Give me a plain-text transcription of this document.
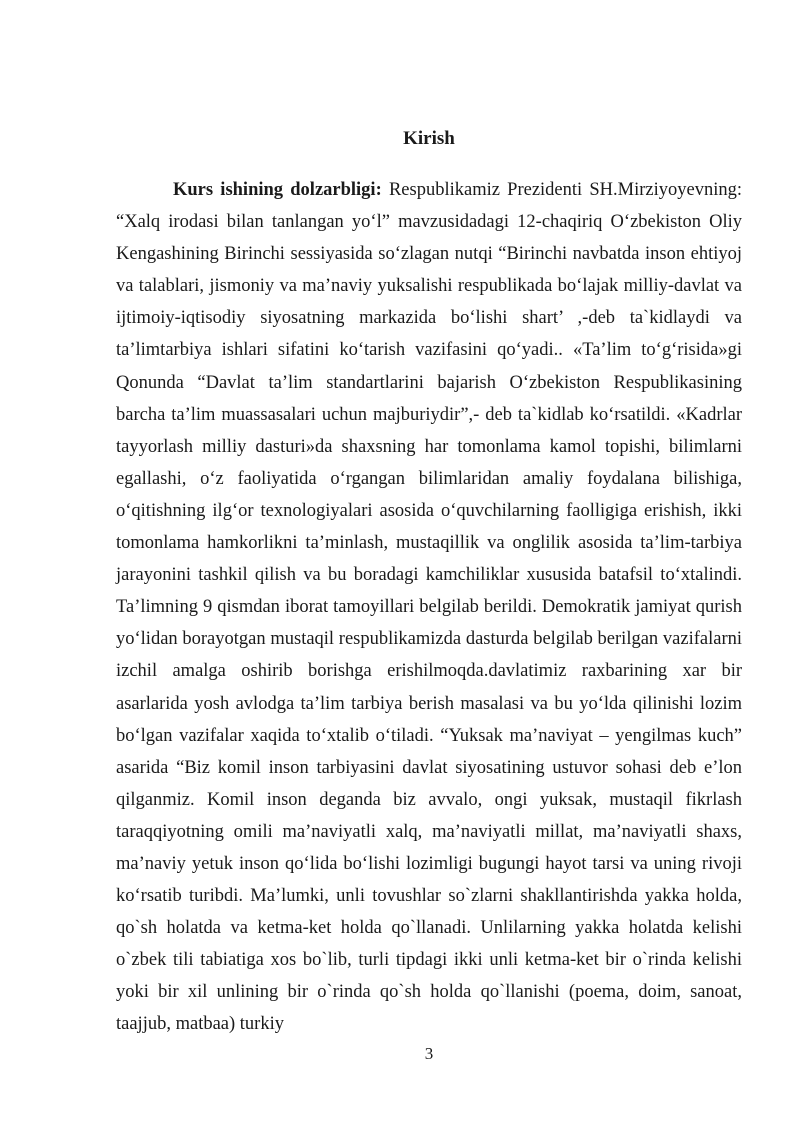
Kirish

Kurs ishining dolzarbligi: Respublikamiz Prezidenti SH.Mirziyoyevning: “Xalq irodasi bilan tanlangan yo‘l” mavzusidadagi 12-chaqiriq O‘zbekiston Oliy Kengashining Birinchi sessiyasida so‘zlagan nutqi “Birinchi navbatda inson ehtiyoj va talablari, jismoniy va ma’naviy yuksalishi respublikada bo‘lajak milliy-davlat va ijtimoiy-iqtisodiy siyosatning markazida bo‘lishi shart’ ,-deb ta`kidlaydi va ta’limtarbiya ishlari sifatini ko‘tarish vazifasini qo‘yadi.. «Ta’lim to‘g‘risida»gi Qonunda “Davlat ta’lim standartlarini bajarish O‘zbekiston Respublikasining barcha ta’lim muassasalari uchun majburiydir”,- deb ta`kidlab ko‘rsatildi. «Kadrlar tayyorlash milliy dasturi»da shaxsning har tomonlama kamol topishi, bilimlarni egallashi, o‘z faoliyatida o‘rgangan bilimlaridan amaliy foydalana bilishiga, o‘qitishning ilg‘or texnologiyalari asosida o‘quvchilarning faolligiga erishish, ikki tomonlama hamkorlikni ta’minlash, mustaqillik va onglilik asosida ta’lim-tarbiya jarayonini tashkil qilish va bu boradagi kamchiliklar xususida batafsil to‘xtalindi. Ta’limning 9 qismdan iborat tamoyillari belgilab berildi. Demokratik jamiyat qurish yo‘lidan borayotgan mustaqil respublikamizda dasturda belgilab berilgan vazifalarni izchil amalga oshirib borishga erishilmoqda.davlatimiz raxbarining xar bir asarlarida yosh avlodga ta’lim tarbiya berish masalasi va bu yo‘lda qilinishi lozim bo‘lgan vazifalar xaqida to‘xtalib o‘tiladi. “Yuksak ma’naviyat – yengilmas kuch” asarida “Biz komil inson tarbiyasini davlat siyosatining ustuvor sohasi deb e’lon qilganmiz. Komil inson deganda biz avvalo, ongi yuksak, mustaqil fikrlash taraqqiyotning omili ma’naviyatli xalq, ma’naviyatli millat, ma’naviyatli shaxs, ma’naviy yetuk inson qo‘lida bo‘lishi lozimligi bugungi hayot tarsi va uning rivoji ko‘rsatib turibdi. Ma’lumki, unli tovushlar so`zlarni shakllantirishda yakka holda, qo`sh holatda va ketma-ket holda qo`llanadi. Unlilarning yakka holatda kelishi o`zbek tili tabiatiga xos bo`lib, turli tipdagi ikki unli ketma-ket bir o`rinda kelishi yoki bir xil unlining bir o`rinda qo`sh holda qo`llanishi (poema, doim, sanoat, taajjub, matbaa) turkiy

3
